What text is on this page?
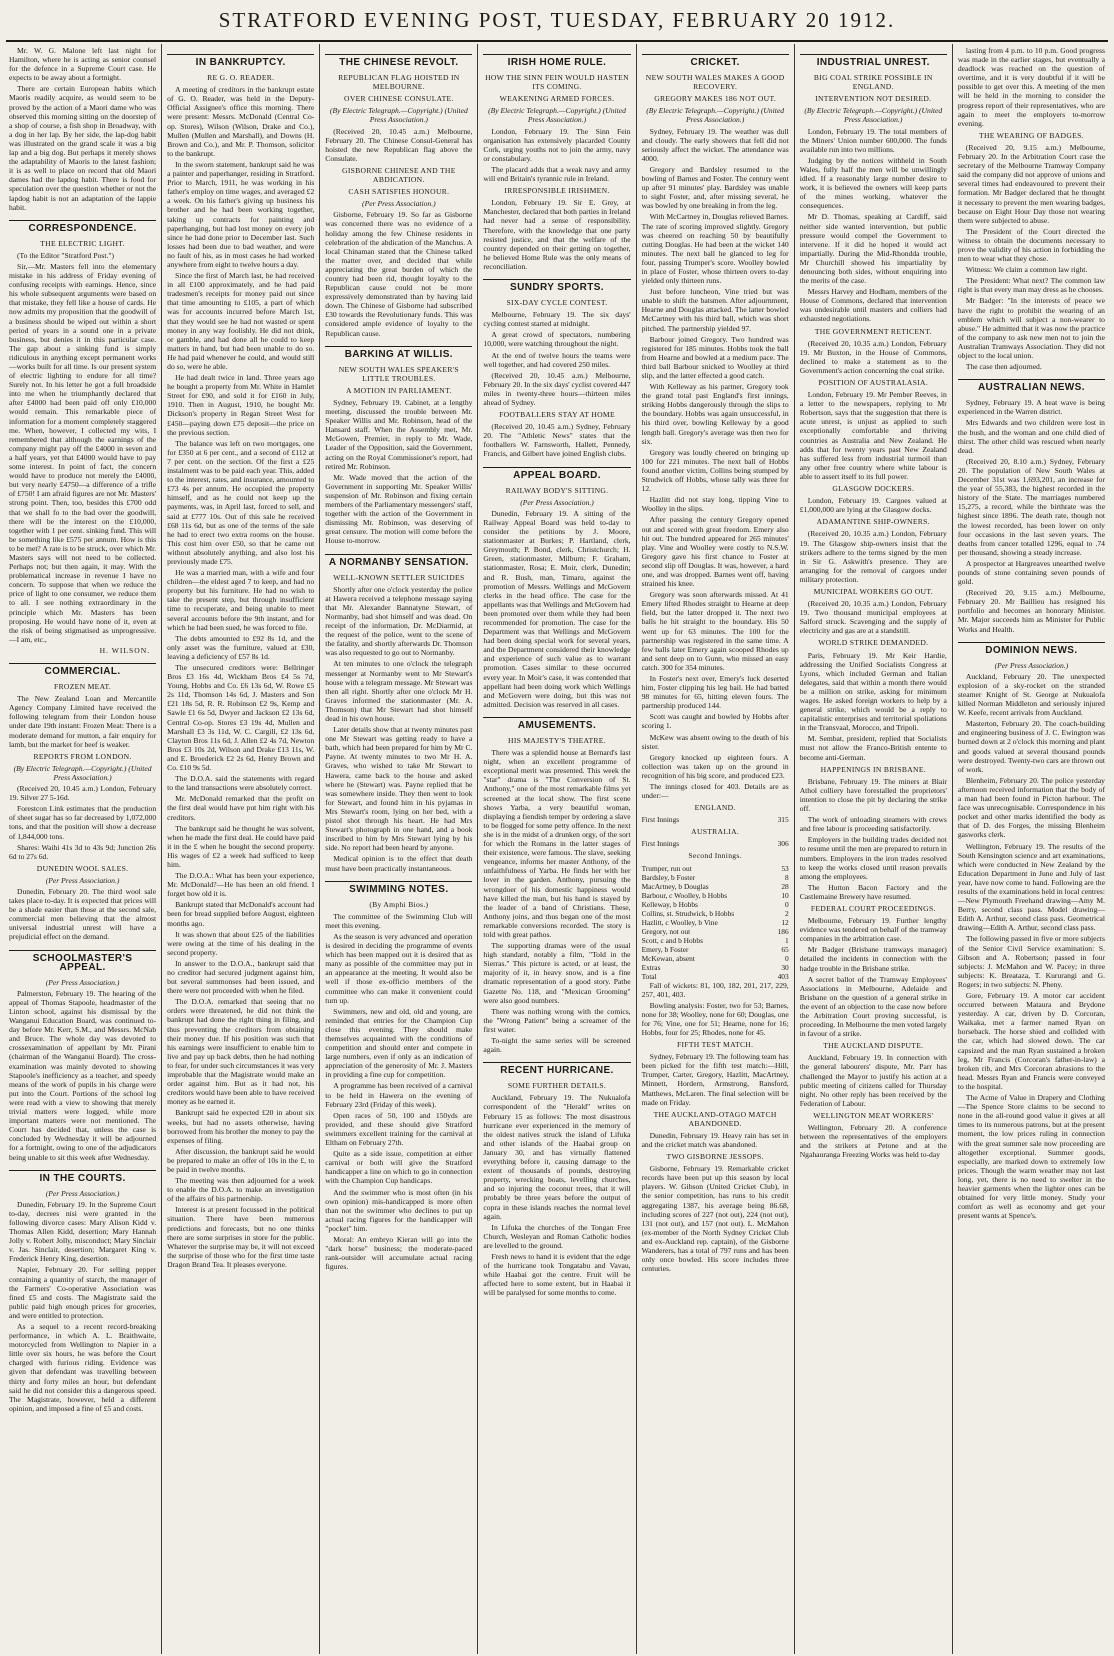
STRATFORD EVENING POST, TUESDAY, FEBRUARY 20 1912.
Mr. W. G. Malone left last night for Hamilton, where he is acting as senior counsel for the defence in a Supreme Court case. He expects to be away about a fortnight.
There are certain European habits which Maoris readily acquire, as would seem to be proved by the action of a Maori dame who was observed this morning sitting on the doorstep of a shop of course, a fish shop in Broadway, with a dog in her lap. By her side, the lap-dog habit was illustrated on the grand scale it was a big lap and a big dog. But perhaps it merely shows the adaptability of Maoris to the latest fashion; it is as well to place on record that old Maori dames had the lapdog habit. There is food for speculation over the question whether or not the lapdog habit is not an adaptation of the lappie habit.
CORRESPONDENCE.
THE ELECTRIC LIGHT.
(To the Editor "Stratford Post.")
Sir,—Mr. Masters fell into the elementary mistake in his address of Friday evening of confusing receipts with earnings. Hence, since his whole subsequent arguments were based on that mistake, they fell like a house of cards. He now admits my proposition that the goodwill of a business should be wiped out within a short period of years in a sound one in a private business, but denies it in this particular case. The gap about a sinking fund is simply ridiculous in anything except permanent works—works built for all time. Is our present system of electric lighting to endure for all time? Surely not. In his letter he got a full broadside into me when he triumphantly declared that after £4000 had been paid off only £10,000 would remain. This remarkable piece of information for a moment completely staggered me. When, however, I collected my wits, I remembered that although the earnings of the company might pay off the £4000 in seven and a half years, yet that £4000 would have to pay some interest. In point of fact, the concern would have to produce not merely the £4000, but very nearly £4750—a difference of a trifle of £750! I am afraid figures are not Mr. Masters' strong point. Then, too, besides this £700 odd that we shall fo to the bad over the goodwill, there will be the interest on the £10,000, together with 1 per cent. sinking fund. This will be something like £575 per annum. How is this to be met? A rate is to be struck, over which Mr. Masters says will not need to be collected. Perhaps not; but then again, it may. With the problematical increase in revenue I have no concern. To suppose that when we reduce the price of light to one consumer, we reduce them to all. I see nothing extraordinary in the principle which Mr. Masters has been proposing. He would have none of it, even at the risk of being stigmatised as unprogressive.—I am, etc.,
H. WILSON.
COMMERCIAL.
FROZEN MEAT.
The New Zealand Loan and Mercantile Agency Company Limited have received the following telegram from their London house under date 19th instant: Frozen Meat: There is a moderate demand for mutton, a fair enquiry for lamb, but the market for beef is weaker.
REPORTS FROM LONDON.
(By Electric Telegraph.—Copyright.) (United Press Association.)
(Received 20, 10.45 a.m.) London, February 19. Silver 27 5-16d.
Forestcon Link estimates that the production of sheet sugar has so far decreased by 1,072,000 tons, and that the position will show a decrease of 1,844,000 tons.
Shares: Waihi 41s 3d to 43s 9d; Junction 26s 6d to 27s 6d.
DUNEDIN WOOL SALES.
(Per Press Association.)
Dunedin, February 20. The third wool sale takes place to-day. It is expected that prices will be a shade easier than those at the second sale, commercial men believing that the almost universal industrial unrest will have a prejudicial effect on the demand.
SCHOOLMASTER'S APPEAL.
(Per Press Association.)
Palmerston, February 19. The hearing of the appeal of Thomas Stapoole, headmaster of the Linton school, against his dismissal by the Wanganui Education Board, was continued to-day before Mr. Kerr, S.M., and Messrs. McNab and Bruce. The whole day was devoted to crossexamination of appellant by Mr. Pirani (chairman of the Wanganui Board). The cross-examination was mainly devoted to showing Stapoole's inefficiency as a teacher, and speedy means of the work of pupils in his charge were put into the Court. Portions of the school log were read with a view to showing that merely trivial matters were logged, while more important matters were not mentioned. The Court has decided that, unless the case is concluded by Wednesday it will be adjourned for a fortnight, owing to one of the adjudicators being unable to sit this week after Wednesday.
IN THE COURTS.
(Per Press Association.)
Dunedin, February 19. In the Supreme Court to-day, decrees nisi were granted in the following divorce cases: Mary Alison Kidd v. Thomas Allen Kidd, desertion; Mary Hannah Jolly v. Robert Jolly, misconduct; Mary Sinclair v. Jas. Sinclair, desertion; Margaret King v. Frederick Henry King, desertion.
Napier, February 20. For selling pepper containing a quantity of starch, the manager of the Farmers' Co-operative Association was fined £5 and costs. The Magistrate said the public paid high enough prices for groceries, and were entitled to protection.
As a sequel to a recent record-breaking performance, in which A. L. Braithwaite, motorcycled from Wellington to Napier in a little over six hours, he was before the Court charged with furious riding. Evidence was given that defendant was travelling between thirty and forty miles an hour, but defendant said he did not consider this a dangerous speed. The Magistrate, however, held a different opinion, and imposed a fine of £5 and costs.
IN BANKRUPTCY.
RE G. O. READER.
A meeting of creditors in the bankrupt estate of G. O. Reader, was held in the Deputy-Official Assignee's office this morning. There were present: Messrs. McDonald (Central Co-op. Stores), Wilson (Wilson, Drake and Co.), Mullen (Mullen and Marshall), and Downs (H. Brown and Co.), and Mr. P. Thomson, solicitor to the bankrupt.
In the sworn statement, bankrupt said he was a painter and paperhanger, residing in Stratford. Prior to March, 1911, he was working in his father's employ on time wages, and averaged £2 a week. On his father's giving up business his brother and he had been working together, taking up contracts for painting and paperhanging, but had lost money on every job since he had done prior to December last. Such losses had been due to bad weather, and were no fault of his, as in most cases he had worked anywhere from eight to twelve hours a day.
Since the first of March last, he had received in all £100 approximately, and he had paid tradesmen's receipts for money paid out since that time amounting to £105, a part of which was for accounts incurred before March 1st, that they would see he had not wasted or spent money in any way foolishly. He did not drink, or gamble, and had done all he could to keep matters in hand, but had been unable to do so. He had paid whenever he could, and would still do so, were he able.
He had dealt twice in land. Three years ago he bought a property from Mr. White in Hamlet Street for £90, and sold it for £160 in July, 1910. Then in August, 1910, he bought Mr. Dickson's property in Regan Street West for £450—paying down £75 deposit—the price on the previous section.
The balance was left on two mortgages, one for £350 at 6 per cent., and a second of £112 at 7 per cent. on the section. Of the first a £25 instalment was to be paid each year. This, added to the interest, rates, and insurance, amounted to £73 4s per annum. He occupied the property himself, and as he could not keep up the payments, was, in April last, forced to sell, and said at £777 10s. Out of this sale he received £68 11s 6d, but as one of the terms of the sale he had to erect two extra rooms on the house. This cost him over £50, so that he came out without absolutely anything, and also lost his previously made £75.
He was a married man, with a wife and four children—the eldest aged 7 to keep, and had no property but his furniture. He had no wish to take the present step, but through insufficient time to recuperate, and being unable to meet several accounts before the 9th instant, and for which he had been sued, he was forced to file.
The debts amounted to £92 8s 1d, and the only asset was the furniture, valued at £30, leaving a deficiency of £57 8s 1d.
The unsecured creditors were: Bellringer Bros £3 16s 4d, Wickham Bros £4 5s 7d, Young, Hobbs and Co. £6 13s 6d, W. Rowe £5 2s 11d, Thomson 14s 6d, J. Masters and Son £21 18s 5d, R. R. Robinson £2 9s, Kemp and Sawle £1 6s 5d, Dwyer and Jackson £2 13s 6d, Central Co-op. Stores £3 19s 4d, Mullen and Marshall £3 3s 11d, W. C. Cargill, £2 13s 6d, Clayton Bros 11s 6d, J. Allen £2 4s 7d, Newton Bros £3 10s 2d, Wilson and Drake £13 11s, W. and E. Broederick £2 2s 6d, Henry Brown and Co. £10 9s 5d.
The D.O.A. said the statements with regard to the land transactions were absolutely correct.
Mr. McDonald remarked that the profit on the first deal would have put him right with his creditors.
The bankrupt said he thought he was solvent, when he made the first deal. He could have paid it in the £ when he bought the second property. His wages of £2 a week had sufficed to keep him.
The D.O.A.: What has been your experience, Mr. McDonald?—He has been an old friend. I forget how old it is.
Bankrupt stated that McDonald's account had been for bread supplied before August, eighteen months ago.
It was shown that about £25 of the liabilities were owing at the time of his dealing in the second property.
In answer to the D.O.A., bankrupt said that no creditor had secured judgment against him, but several summonses had been issued, and there were not proceeded with when he filed.
The D.O.A. remarked that seeing that no orders were threatened, he did not think the bankrupt had done the right thing in filing, and thus preventing the creditors from obtaining their money due. If his position was such that his earnings were insufficient to enable him to live and pay up back debts, then he had nothing to fear, for under such circumstances it was very improbable that the Magistrate would make an order against him. But as it had not, his creditors would have been able to have received money as he earned it.
Bankrupt said he expected £20 in about six weeks, but had no assets otherwise, having borrowed from his brother the money to pay the expenses of filing.
After discussion, the bankrupt said he would be prepared to make an offer of 10s in the £, to be paid in twelve months.
The meeting was then adjourned for a week to enable the D.O.A. to make an investigation of the affairs of his partnership.
Interest is at present focussed in the political situation. There have been numerous predictions and forecasts, but no one thinks there are some surprises in store for the public. Whatever the surprise may be, it will not exceed the surprise of those who for the first time taste Dragon Brand Tea. It pleases everyone.
THE CHINESE REVOLT.
REPUBLICAN FLAG HOISTED IN MELBOURNE.
OVER CHINESE CONSULATE.
(By Electric Telegraph.—Copyright.) (United Press Association.)
(Received 20, 10.45 a.m.) Melbourne, February 20. The Chinese Consul-General has hoisted the new Republican flag above the Consulate.
GISBORNE CHINESE AND THE ABDICATION.
CASH SATISFIES HONOUR.
(Per Press Association.)
Gisborne, February 19. So far as Gisborne was concerned there was no evidence of a holiday among the few Chinese residents in celebration of the abdication of the Manchus. A local Chinaman stated that the Chinese talked the matter over, and decided that while appreciating the great burden of which the country had been rid, thought loyalty to the Republican cause could not be more expressively demonstrated than by having laid down. The Chinese of Gisborne had subscribed £30 towards the Revolutionary funds. This was considered ample evidence of loyalty to the Republican cause.
BARKING AT WILLIS.
NEW SOUTH WALES SPEAKER'S LITTLE TROUBLES.
A MOTION IN PARLIAMENT.
Sydney, February 19. Cabinet, at a lengthy meeting, discussed the trouble between Mr. Speaker Willis and Mr. Robinson, head of the Hansard staff. When the Assembly met, Mr. McGowen, Premier, in reply to Mr. Wade, Leader of the Opposition, said the Government, acting on the Royal Commissioner's report, had retired Mr. Robinson.
Mr. Wade moved that the action of the Government in supporting Mr. Speaker Willis' suspension of Mr. Robinson and fixing certain members of the Parliamentary messengers' staff, together with the action of the Government in dismissing Mr. Robinson, was deserving of great censure. The motion will come before the House to-morrow.
A NORMANBY SENSATION.
WELL-KNOWN SETTLER SUICIDES
Shortly after one o'clock yesterday the police at Hawera received a telephone message saying that Mr. Alexander Bannatyne Stewart, of Normanby, had shot himself and was dead. On receipt of the information, Dr. McDiarmid, at the request of the police, went to the scene of the fatality, and shortly afterwards Dr. Thomson was also requested to go out to Normanby.
At ten minutes to one o'clock the telegraph messenger at Normanby went to Mr Stewart's house with a telegram message. Mr Stewart was then all right. Shortly after one o'clock Mr H. Graves informed the stationmaster (Mr. A. Thomson) that Mr Stewart had shot himself dead in his own house.
Later details show that at twenty minutes past one Mr Stewart was getting ready to have a bath, which had been prepared for him by Mr C. Payne. At twenty minutes to two Mr H. A. Graves, who wished to take Mr Stewart to Hawera, came back to the house and asked where he (Stewart) was. Payne replied that he was somewhere inside. They then went to look for Stewart, and found him in his pyjamas in Mrs Stewart's room, lying on her bed, with a pistol shot through his heart. He had Mrs Stewart's photograph in one hand, and a book inscribed to him by Mrs Stewart lying by his side. No report had been heard by anyone.
Medical opinion is to the effect that death must have been practically instantaneous.
SWIMMING NOTES.
(By Amphi Bios.)
The committee of the Swimming Club will meet this evening.
As the season is very advanced and operation is desired in deciding the programme of events which has been mapped out it is desired that as many as possible of the committee may put in an appearance at the meeting. It would also be well if those ex-officio members of the committee who can make it convenient could turn up.
Swimmers, new and old, old and young, are reminded that entries for the Champion Cup close this evening. They should make themselves acquainted with the conditions of competition and should enter and compete in large numbers, even if only as an indication of appreciation of the generosity of Mr. J. Masters in providing a fine cup for competition.
A programme has been received of a carnival to be held in Hawera on the evening of February 23rd (Friday of this week).
Open races of 50, 100 and 150yds are provided, and these should give Stratford swimmers excellent training for the carnival at Eltham on February 27th.
Quite as a side issue, competition at either carnival or both will give the Stratford handicapper a line on which to go in connection with the Champion Cup handicaps.
And the swimmer who is most often (in his own opinion) mis-handicapped is more often than not the swimmer who declines to put up actual racing figures for the handicapper will "pocket" him.
Moral: An embryo Kieran will go into the "dark horse" business; the moderate-paced rank-outsider will accumulate actual racing figures.
IRISH HOME RULE.
HOW THE SINN FEIN WOULD HASTEN ITS COMING.
WEAKENING ARMED FORCES.
(By Electric Telegraph.—Copyright.) (United Press Association.)
London, February 19. The Sinn Fein organisation has extensively placarded County Cork, urging youths not to join the army, navy or constabulary.
The placard adds that a weak navy and army will end Britain's tyrannic rule in Ireland.
IRRESPONSIBLE IRISHMEN.
London, February 19. Sir E. Grey, at Manchester, declared that both parties in Ireland had never had a sense of responsibility. Therefore, with the knowledge that one party resisted justice, and that the welfare of the country depended on their getting on together, he believed Home Rule was the only means of reconciliation.
SUNDRY SPORTS.
SIX-DAY CYCLE CONTEST.
Melbourne, February 19. The six days' cycling contest started at midnight.
A great crowd of spectators, numbering 10,000, were watching throughout the night.
At the end of twelve hours the teams were well together, and had covered 250 miles.
(Received 20, 10.45 a.m.) Melbourne, February 20. In the six days' cyclist covered 447 miles in twenty-three hours—thirteen miles ahead of Sydney.
FOOTBALLERS STAY AT HOME
(Received 20, 10.45 a.m.) Sydney, February 20. The "Athletic News" states that the footballers W. Farnsworth, Hallett, Pennedy, Francis, and Gilbert have joined English clubs.
APPEAL BOARD.
RAILWAY BODY'S SITTING.
(Per Press Association.)
Dunedin, February 19. A sitting of the Railway Appeal Board was held to-day to consider the petitions by J. Moore, stationmaster at Burkes; P. Hartland, clerk, Greymouth; P. Bond, clerk, Christchurch; H. Green, stationmaster, Milburn; F. Graham, stationmaster, Rosa; E. Moir, clerk, Dunedin; and R. Bush, man, Timaru, against the promotion of Messrs. Wellings and McGovern clerks in the head office. The case for the appellants was that Wellings and McGovern had been promoted over them while they had been recommended for promotion. The case for the Department was that Wellings and McGovern had been doing special work for several years, and the Department considered their knowledge and experience of such value as to warrant promotion. Cases similar to these occurred every year. In Moir's case, it was contended that appellant had been doing work which Wellings and McGovern were doing, but this was not admitted. Decision was reserved in all cases.
AMUSEMENTS.
HIS MAJESTY'S THEATRE.
There was a splendid house at Bernard's last night, when an excellent programme of exceptional merit was presented. This week the "star" drama is "The Conversion of St. Anthony," one of the most remarkable films yet screened at the local show. The first scene shows Yarba, a very beautiful woman, displaying a fiendish temper by ordering a slave to be flogged for some petty offence. In the next she is in the midst of a drunken orgy, of the sort for which the Romans in the latter stages of their existence, were famous. The slave, seeking vengeance, informs her master Anthony, of the unfaithfulness of Yarba. He finds her with her lover in the garden. Anthony, pursuing the wrongdoer of his domestic happiness would have killed the man, but his hand is stayed by the leader of a band of Christians. These, Anthony joins, and thus began one of the most remarkable conversions recorded. The story is told with great pathos.
The supporting dramas were of the usual high standard, notably a film, "Told in the Sierras." This picture is acted, or at least, the majority of it, in heavy snow, and is a fine dramatic representation of a good story. Pathe Gazette No. 118, and "Mexican Grooming" were also good numbers.
There was nothing wrong with the comics, the "Wrong Patient" being a screamer of the first water.
To-night the same series will be screened again.
RECENT HURRICANE.
SOME FURTHER DETAILS.
Auckland, February 19. The Nukualofa correspondent of the "Herald" writes on February 15 as follows: The most disastrous hurricane ever experienced in the memory of the oldest natives struck the island of Lifuka and other islands of the Haabai group on January 30, and has virtually flattened everything before it, causing damage to the extent of thousands of pounds, destroying property, wrecking boats, levelling churches, and so injuring the coconut trees, that it will probably be three years before the output of copra in these islands reaches the normal level again.
In Lifuka the churches of the Tongan Free Church, Wesleyan and Roman Catholic bodies are levelled to the ground.
Fresh news to hand it is evident that the edge of the hurricane took Tongatabu and Vavau, while Haabai got the centre. Fruit will be affected here to some extent, but in Haabai it will be paralysed for some months to come.
CRICKET.
NEW SOUTH WALES MAKES A GOOD RECOVERY.
GREGORY MAKES 186 NOT OUT.
(By Electric Telegraph.—Copyright.) (United Press Association.)
Sydney, February 19. The weather was dull and cloudy. The early showers that fell did not seriously affect the wicket. The attendance was 4000.
Gregory and Bardsley resumed to the bowling of Barnes and Foster. The century went up after 91 minutes' play. Bardsley was unable to sight Foster, and, after missing several, he was bowled by one breaking in from the leg.
With McCartney in, Douglas relieved Barnes. The rate of scoring improved slightly. Gregory was cheered on reaching 50 by beautifully cutting Douglas. He had been at the wicket 140 minutes. The next ball he glanced to leg for four, passing Trumper's score. Woolley bowled in place of Foster, whose thirteen overs to-day yielded only thirteen runs.
Just before luncheon, Vine tried but was unable to shift the batsmen. After adjournment, Hearne and Douglas attacked. The latter bowled McCartney with his third ball, which was short pitched. The partnership yielded 97.
Barbour joined Gregory. Two hundred was registered for 185 minutes. Hobbs took the ball from Hearne and bowled at a medium pace. The third ball Barbour snicked to Woolley at third slip, and the latter effected a good catch.
With Kelleway as his partner, Gregory took the grand total past England's first innings, striking Hobbs dangerously through the slips to the boundary. Hobbs was again unsuccessful, in his third over, bowling Kelleway by a good length ball. Gregory's average was then two for six.
Gregory was loudly cheered on bringing up 100 for 221 minutes. The next ball of Hobbs found another victim, Collins being stumped by Strudwick off Hobbs, whose tally was three for 12.
Hazlitt did not stay long, tipping Vine to Woolley in the slips.
After passing the century Gregory opened out and scored with great freedom. Emery also hit out. The hundred appeared for 265 minutes' play. Vine and Woolley were costly to N.S.W. Gregory gave his first chance to Foster at second slip off Douglas. It was, however, a hard one, and was dropped. Barnes went off, having strained his knee.
Gregory was soon afterwards missed. At 41 Emery lifted Rhodes straight to Hearne at deep field, but the latter dropped it. The next two balls he hit straight to the boundary. His 50 went up for 63 minutes. The 100 for the partnership was registered in the same time. A few balls later Emery again scooped Rhodes up and sent deep on to Gunn, who missed an easy catch. 300 for 354 minutes.
In Foster's next over, Emery's luck deserted him, Foster clipping his leg bail. He had batted 98 minutes for 65, hitting eleven fours. The partnership produced 144.
Scott was caught and bowled by Hobbs after scoring 1.
McKew was absent owing to the death of his sister.
Gregory knocked up eighteen fours. A collection was taken up on the ground in recognition of his big score, and produced £23.
The innings closed for 403. Details are as under:—
ENGLAND.
First Innings	315
AUSTRALIA.
First Innings	306
Second Innings.
Trumper, run out	53
Bardsley, b Foster	8
MacArtney, b Douglas	28
Barbour, c Woolley, b Hobbs	10
Kelleway, b Hobbs	0
Collins, st. Strudwick, b Hobbs	2
Hazlitt, c Woolley, b Vine	12
Gregory, not out	186
Scott, c and b Hobbs	1
Emery, b Foster	65
McKewan, absent	0
Extras	30
Total	403
Fall of wickets: 81, 100, 182, 201, 217, 229, 257, 401, 403.
Bowling analysis: Foster, two for 53; Barnes, none for 38; Woolley, none for 60; Douglas, one for 76; Vine, one for 51; Hearne, none for 16; Hobbs, four for 25; Rhodes, none for 45.
FIFTH TEST MATCH.
Sydney, February 19. The following team has been picked for the fifth test match:—Hill, Trumper, Carter, Gregory, Hazlitt, MacArtney, Minnett, Hordern, Armstrong, Ransford, Matthews, McLaren. The final selection will be made on Friday.
THE AUCKLAND-OTAGO MATCH ABANDONED.
Dunedin, February 19. Heavy rain has set in and the cricket match was abandoned.
TWO GISBORNE JESSOPS.
Gisborne, February 19. Remarkable cricket records have been put up this season by local players. W. Gibson (United Cricket Club), in the senior competition, has runs to his credit aggregating 1387, his average being 86.68, including scores of 227 (not out), 224 (not out), 131 (not out), and 157 (not out). L. McMahon (ex-member of the North Sydney Cricket Club and ex-Auckland rep. captain), of the Gisborne Wanderers, has a total of 797 runs and has been only once bowled. His score includes three centuries.
INDUSTRIAL UNREST.
BIG COAL STRIKE POSSIBLE IN ENGLAND.
INTERVENTION NOT DESIRED.
(By Electric Telegraph.—Copyright.) (United Press Association.)
London, February 19. The total members of the Miners' Union number 600,000. The funds available run into two millions.
Judging by the notices withheld in South Wales, fully half the men will be unwillingly idled. If a reasonably large number desire to work, it is believed the owners will keep parts of the mines working, whatever the consequences.
Mr D. Thomas, speaking at Cardiff, said neither side wanted intervention, but public pressure would compel the Government to intervene. If it did he hoped it would act impartially. During the Mid-Rhondda trouble, Mr Churchill showed his impartiality by denouncing both sides, without enquiring into the merits of the case.
Messrs Harvey and Hodham, members of the House of Commons, declared that intervention was undesirable until masters and colliers had exhausted negotiations.
THE GOVERNMENT RETICENT.
(Received 20, 10.35 a.m.) London, February 19. Mr Buxton, in the House of Commons, declined to make a statement as to the Government's action concerning the coal strike.
POSITION OF AUSTRALASIA.
London, February 19. Mr Pember Reeves, in a letter to the newspapers, replying to Mr Robertson, says that the suggestion that there is acute unrest, is unjust as applied to such exceptionally comfortable and thriving countries as Australia and New Zealand. He adds that for twenty years past New Zealand has suffered less from industrial turmoil than any other free country where white labour is able to assert itself to its full power.
GLASGOW DOCKERS.
London, February 19. Cargoes valued at £1,000,000 are lying at the Glasgow docks.
ADAMANTINE SHIP-OWNERS.
(Received 20, 10.35 a.m.) London, February 19. The Glasgow ship-owners insist that the strikers adhere to the terms signed by the men in Sir G. Askwith's presence. They are arranging for the removal of cargoes under military protection.
MUNICIPAL WORKERS GO OUT.
(Received 20, 10.35 a.m.) London, February 19. Two thousand municipal employees at Salford struck. Scavenging and the supply of electricity and gas are at a standstill.
WORLD STRIKE DEMANDED.
Paris, February 19. Mr Keir Hardie, addressing the Unified Socialists Congress at Lyons, which included German and Italian delegates, said that within a month there would be a million on strike, asking for minimum wages. He asked foreign workers to help by a general strike, which would be a reply to capitalistic enterprises and territorial spoliations in the Transvaal, Morocco, and Tripoli.
M. Sembat, president, replied that Socialists must not allow the Franco-British entente to become anti-German.
HAPPENINGS IN BRISBANE.
Brisbane, February 19. The miners at Blair Athol colliery have forestalled the proprietors' intention to close the pit by declaring the strike off.
The work of unloading steamers with crews and free labour is proceeding satisfactorily.
Employers in the building trades decided not to resume until the men are prepared to return in numbers. Employers in the iron trades resolved to keep the works closed until reason prevails among the employees.
The Hutton Bacon Factory and the Castlemaine Brewery have resumed.
FEDERAL COURT PROCEEDINGS.
Melbourne, February 19. Further lengthy evidence was tendered on behalf of the tramway companies in the arbitration case.
Mr Badger (Brisbane tramways manager) detailed the incidents in connection with the badge trouble in the Brisbane strike.
A secret ballot of the Tramway Employees' Associations in Melbourne, Adelaide and Brisbane on the question of a general strike in the event of an objection to the case now before the Arbitration Court proving successful, is proceeding. In Melbourne the men voted largely in favour of a strike.
THE AUCKLAND DISPUTE.
Auckland, February 19. In connection with the general labourers' dispute, Mr. Parr has challenged the Mayor to justify his action at a public meeting of citizens called for Thursday night. No other reply has been received by the Federation of Labour.
WELLINGTON MEAT WORKERS'
Wellington, February 20. A conference between the representatives of the employers and the strikers at Petone and at the Ngahauranga Freezing Works was held to-day
lasting from 4 p.m. to 10 p.m. Good progress was made in the earlier stages, but eventually a deadlock was reached on the question of overtime, and it is very doubtful if it will be possible to get over this. A meeting of the men will be held in the morning to consider the progress report of their representatives, who are again to meet the employers to-morrow evening.
THE WEARING OF BADGES.
(Received 20, 9.15 a.m.) Melbourne, February 20. In the Arbitration Court case the secretary of the Melbourne Tramway Company said the company did not approve of unions and several times had endeavoured to prevent their formation. Mr Badger declared that he thought it necessary to prevent the men wearing badges, because on Eight Hour Day those not wearing them were subjected to abuse.
The President of the Court directed the witness to obtain the documents necessary to prove the validity of his action in forbidding the men to wear what they chose.
Witness: We claim a common law right.
The President: What next? The common law right is that every man may dress as he chooses.
Mr Badger: "In the interests of peace we have the right to prohibit the wearing of an emblem which will subject a non-wearer to abuse." He admitted that it was now the practice of the company to ask new men not to join the Australian Tramways Association. They did not object to the local union.
The case then adjourned.
AUSTRALIAN NEWS.
Sydney, February 19. A heat wave is being experienced in the Warren district.
Mrs Edwards and two children were lost in the bush, and the woman and one child died of thirst. The other child was rescued when nearly dead.
(Received 20, 8.10 a.m.) Sydney, February 20. The population of New South Wales at December 31st was 1,693,201, an increase for the year of 55,383, the highest recorded in the history of the State. The marriages numbered 15,275, a record, while the birthrate was the highest since 1896. The death rate, though not the lowest recorded, has been lower on only four occasions in the last seven years. The deaths from cancer totalled 1296, equal to .74 per thousand, showing a steady increase.
A prospector at Hargreaves unearthed twelve pounds of stone containing seven pounds of gold.
(Received 20, 9.15 a.m.) Melbourne, February 20. Mr Baillieu has resigned his portfolio and becomes an honorary Minister. Mr. Major succeeds him as Minister for Public Works and Health.
DOMINION NEWS.
(Per Press Association.)
Auckland, February 20. The unexpected explosion of a sky-rocket on the stranded steamer Knight of St. George at Nukualofa killed Norman Middleton and seriously injured W. Keefe, recent arrivals from Auckland.
Masterton, February 20. The coach-building and engineering business of J. C. Ewington was burned down at 2 o'clock this morning and plant and goods valued at several thousand pounds were destroyed. Twenty-two cars are thrown out of work.
Blenheim, February 20. The police yesterday afternoon received information that the body of a man had been found in Picton harbour. The face was unrecognisable. Correspondence in his pocket and other marks identified the body as that of D. des Forges, the missing Blenheim gasworks clerk.
Wellington, February 19. The results of the South Kensington science and art examinations, which were conducted in New Zealand by the Education Department in June and July of last year, have now come to hand. Following are the results of the examinations held in local centres:—New Plymouth Freehand drawing—Amy M. Berry, second class pass. Model drawing—Edith A. Arthur, second class pass. Geometrical drawing—Edith A. Arthur, second class pass.
The following passed in five or more subjects of the Senior Civil Service examination: S. Gibson and A. Robertson; passed in four subjects: J. McMahon and W. Pacey; in three subjects: K. Breataza, T. Kururangi and G. Rogers; in two subjects: N. Pheny.
Gore, February 19. A motor car accident occurred between Mataura and Brydone yesterday. A car, driven by D. Corcoran, Waikaka, met a farmer named Ryan on horseback. The horse shied and collided with the car, which had slowed down. The car capsized and the man Ryan sustained a broken leg, Mr Francis (Corcoran's father-in-law) a broken rib, and Mrs Corcoran abrasions to the head. Messrs Ryan and Francis were conveyed to the hospital.
The Acme of Value in Drapery and Clothing—The Spence Store claims to be second to none in the all-round good value it gives at all times to its numerous patrons, but at the present moment, the low prices ruling in connection with the great summer sale now proceeding are altogether exceptional. Summer goods, especially, are marked down to extremely low prices. Though the warm weather may not last long, yet, there is no need to swelter in the heavier garments when the lighter ones can be obtained for very little money. Study your comfort as well as economy and get your present wants at Spence's.
